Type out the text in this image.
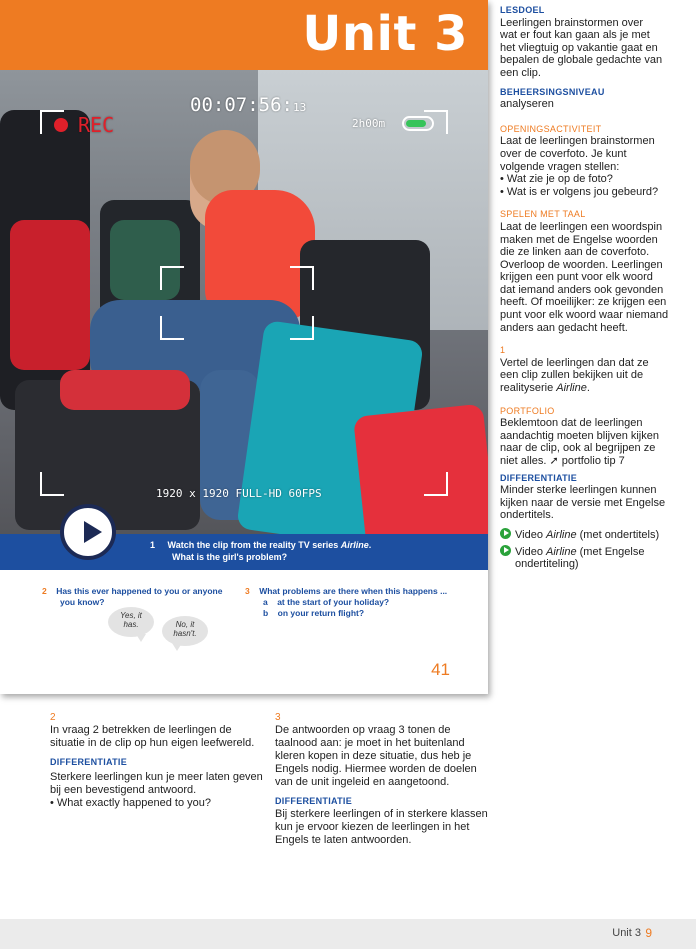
Unit 3
REC
00:07:56:13
2h00m
1920 x 1920 FULL-HD 60FPS
1 Watch the clip from the reality TV series Airline.
What is the girl's problem?
2 Has this ever happened to you or anyone
you know?
Yes, it
has.	No, it
hasn't.
3 What problems are there when this happens ...
a at the start of your holiday?
b on your return flight?
41
LESDOEL
Leerlingen brainstormen over
wat er fout kan gaan als je met
het vliegtuig op vakantie gaat en
bepalen de globale gedachte van
een clip.
BEHEERSINGSNIVEAU
analyseren
OPENINGSACTIVITEIT
Laat de leerlingen brainstormen
over de coverfoto. Je kunt
volgende vragen stellen:
• Wat zie je op de foto?
• Wat is er volgens jou gebeurd?
SPELEN MET TAAL
Laat de leerlingen een woordspin
maken met de Engelse woorden
die ze linken aan de coverfoto.
Overloop de woorden. Leerlingen
krijgen een punt voor elk woord
dat iemand anders ook gevonden
heeft. Of moeilijker: ze krijgen een
punt voor elk woord waar niemand
anders aan gedacht heeft.
1
Vertel de leerlingen dan dat ze
een clip zullen bekijken uit de
realityserie Airline.
PORTFOLIO
Beklemtoon dat de leerlingen
aandachtig moeten blijven kijken
naar de clip, ook al begrijpen ze
niet alles. ➚ portfolio tip 7
DIFFERENTIATIE
Minder sterke leerlingen kunnen
kijken naar de versie met Engelse
ondertitels.
Video Airline (met ondertitels)
Video Airline (met Engelse
ondertiteling)
2
In vraag 2 betrekken de leerlingen de
situatie in de clip op hun eigen leefwereld.
DIFFERENTIATIE
Sterkere leerlingen kun je meer laten geven
bij een bevestigend antwoord.
• What exactly happened to you?
3
De antwoorden op vraag 3 tonen de
taalnood aan: je moet in het buitenland
kleren kopen in deze situatie, dus heb je
Engels nodig. Hiermee worden de doelen
van de unit ingeleid en aangetoond.
DIFFERENTIATIE
Bij sterkere leerlingen of in sterkere klassen
kun je ervoor kiezen de leerlingen in het
Engels te laten antwoorden.
Unit 3 9
